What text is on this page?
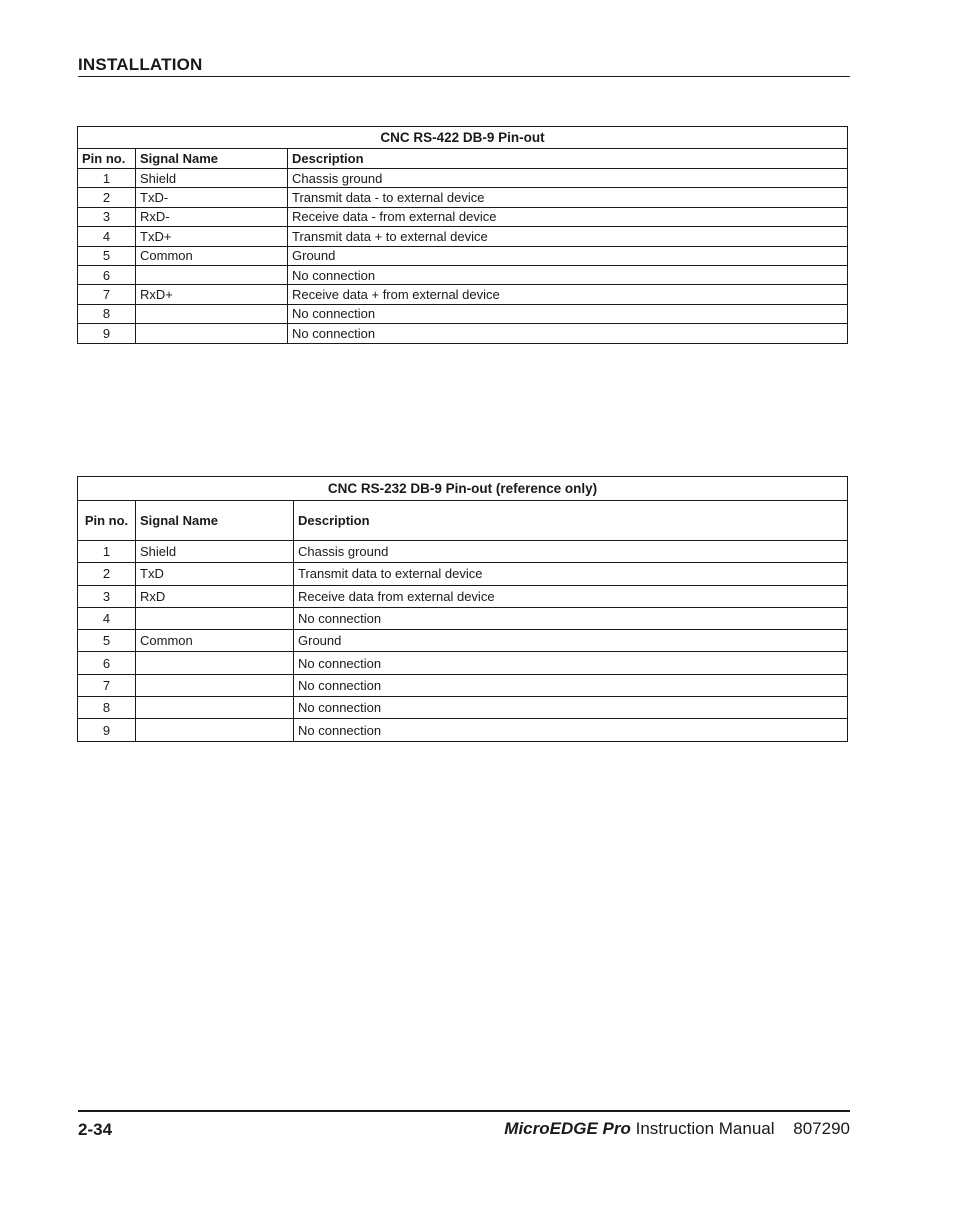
INSTALLATION
CNC RS-422 DB-9 Pin-out		
Pin no.	Signal Name	Description
1	Shield	Chassis ground
2	TxD-	Transmit data - to external device
3	RxD-	Receive data - from external device
4	TxD+	Transmit data + to external device
5	Common	Ground
6		No connection
7	RxD+	Receive data + from external device
8		No connection
9		No connection
CNC RS-232 DB-9 Pin-out (reference only)		
Pin no.	Signal Name	Description
1	Shield	Chassis ground
2	TxD	Transmit data to external device
3	RxD	Receive data from external device
4		No connection
5	Common	Ground
6		No connection
7		No connection
8		No connection
9		No connection
2-34	MicroEDGE Pro Instruction Manual 807290
